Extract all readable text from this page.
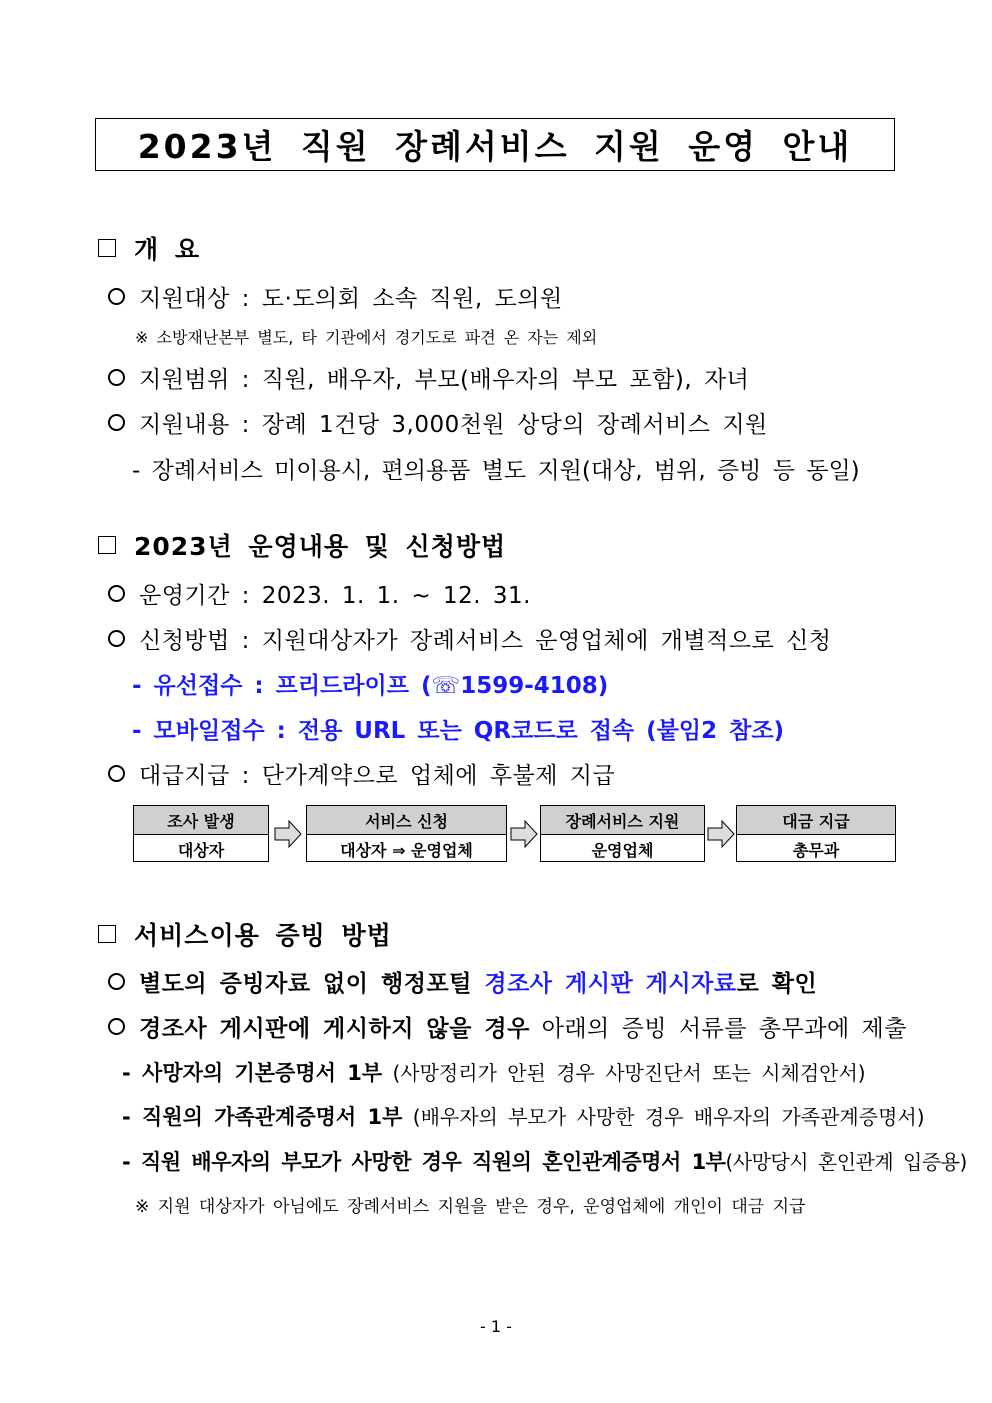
2023년 직원 장례서비스 지원 운영 안내
개 요
지원대상 : 도·도의회 소속 직원, 도의원
※ 소방재난본부 별도, 타 기관에서 경기도로 파견 온 자는 제외
지원범위 : 직원, 배우자, 부모(배우자의 부모 포함), 자녀
지원내용 : 장례 1건당 3,000천원 상당의 장례서비스 지원
- 장례서비스 미이용시, 편의용품 별도 지원(대상, 범위, 증빙 등 동일)
2023년 운영내용 및 신청방법
운영기간 : 2023. 1. 1. ~ 12. 31.
신청방법 : 지원대상자가 장례서비스 운영업체에 개별적으로 신청
- 유선접수 : 프리드라이프 (☏1599-4108)
- 모바일접수 : 전용 URL 또는 QR코드로 접속 (붙임2 참조)
대급지급 : 단가계약으로 업체에 후불제 지급
조사 발생
대상자
서비스 신청
대상자 ⇒ 운영업체
장례서비스 지원
운영업체
대금 지급
총무과
서비스이용 증빙 방법
별도의 증빙자료 없이 행정포털 경조사 게시판 게시자료로 확인
경조사 게시판에 게시하지 않을 경우 아래의 증빙 서류를 총무과에 제출
- 사망자의 기본증명서 1부 (사망정리가 안된 경우 사망진단서 또는 시체검안서)
- 직원의 가족관계증명서 1부 (배우자의 부모가 사망한 경우 배우자의 가족관계증명서)
- 직원 배우자의 부모가 사망한 경우 직원의 혼인관계증명서 1부(사망당시 혼인관계 입증용)
※ 지원 대상자가 아님에도 장례서비스 지원을 받은 경우, 운영업체에 개인이 대금 지급
- 1 -
